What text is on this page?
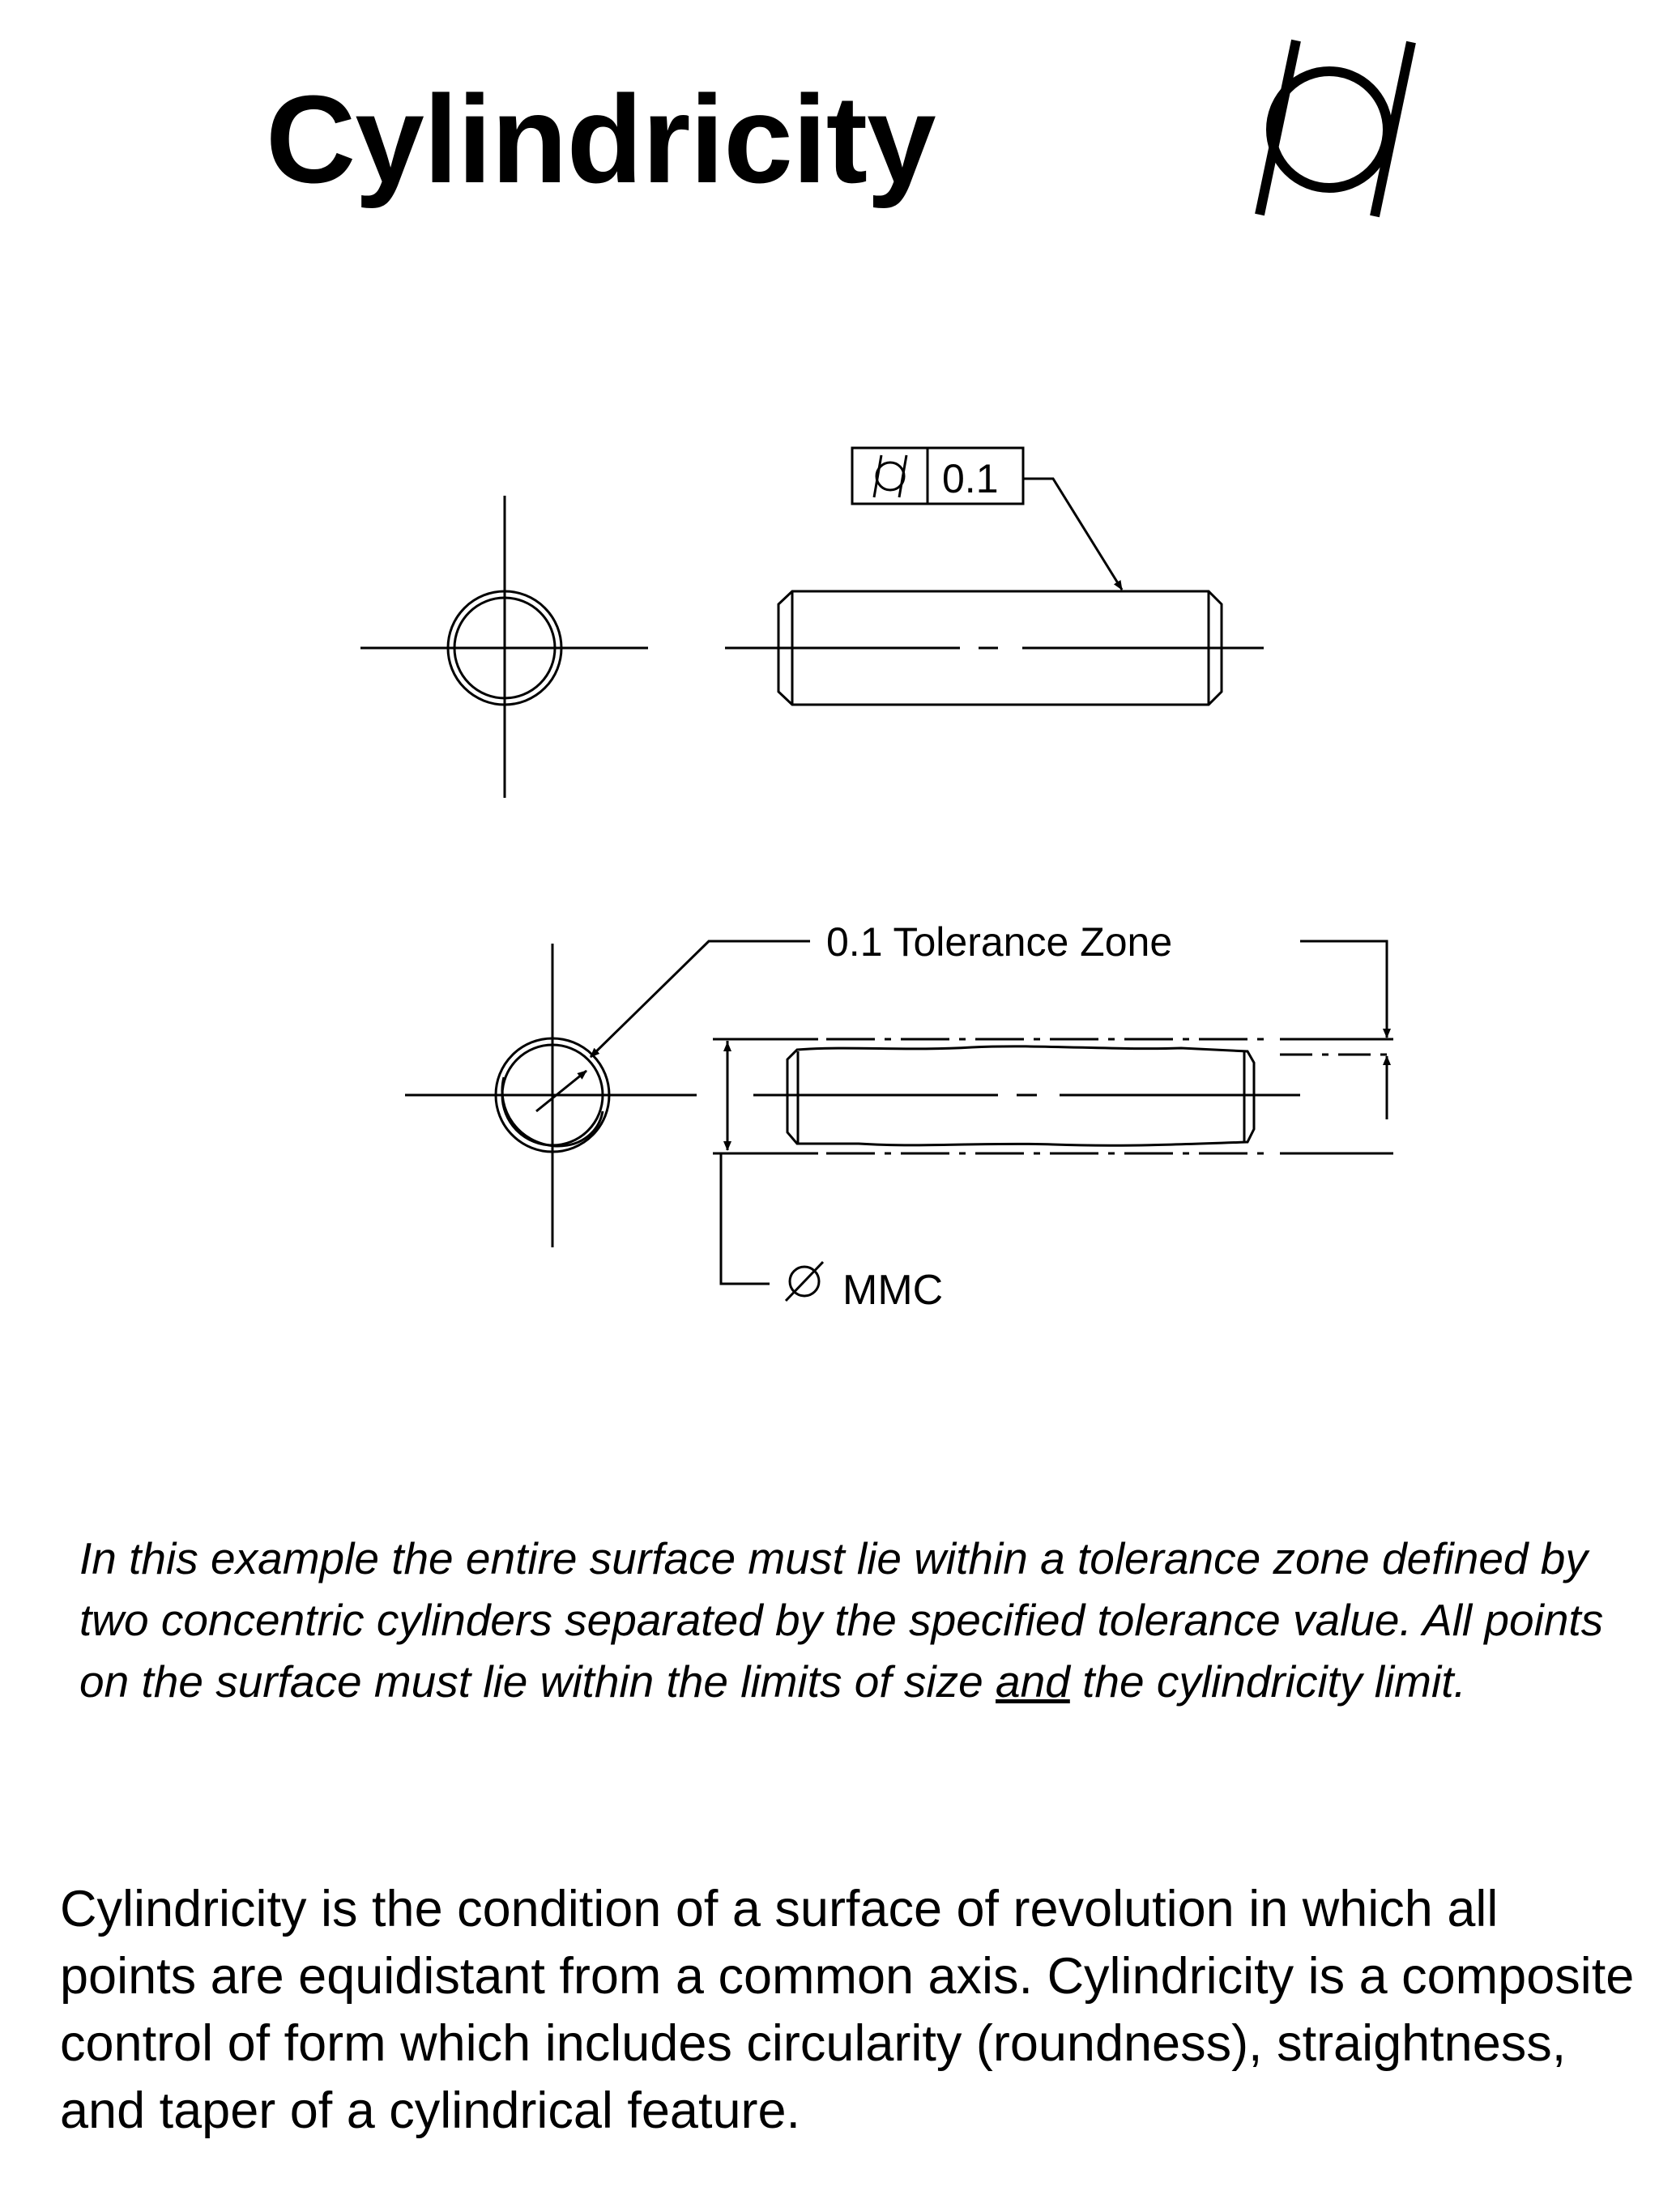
Cylindricity
0.1
0.1 Tolerance Zone
MMC

In this example the entire surface must lie within a tolerance zone defined by two concentric cylinders separated by the specified tolerance value. All points on the surface must lie within the limits of size and the cylindricity limit.

Cylindricity is the condition of a surface of revolution in which all points are equidistant from a common axis. Cylindricity is a composite control of form which includes circularity (roundness), straightness, and taper of a cylindrical feature.
